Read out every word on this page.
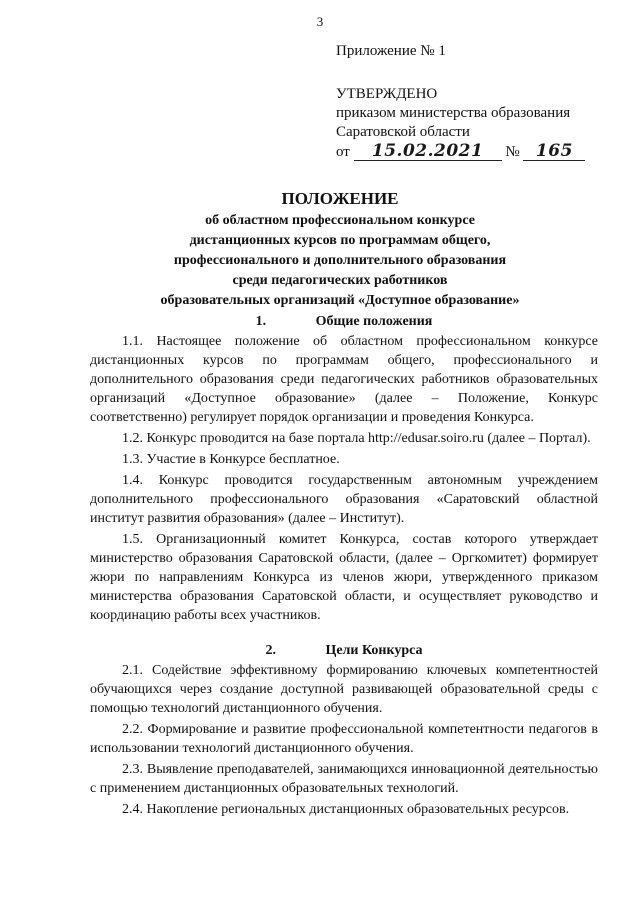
3
Приложение № 1
УТВЕРЖДЕНО
приказом министерства образования
Саратовской области
от 15.02.2021 № 165
ПОЛОЖЕНИЕ
об областном профессиональном конкурсе
дистанционных курсов по программам общего,
профессионального и дополнительного образования
среди педагогических работников
образовательных организаций «Доступное образование»
1.	Общие положения

1.1. Настоящее положение об областном профессиональном конкурсе дистанционных курсов по программам общего, профессионального и дополнительного образования среди педагогических работников образовательных организаций «Доступное образование» (далее – Положение, Конкурс соответственно) регулирует порядок организации и проведения Конкурса.

1.2. Конкурс проводится на базе портала http://edusar.soiro.ru (далее – Портал).

1.3. Участие в Конкурсе бесплатное.

1.4. Конкурс проводится государственным автономным учреждением дополнительного профессионального образования «Саратовский областной институт развития образования» (далее – Институт).

1.5. Организационный комитет Конкурса, состав которого утверждает министерство образования Саратовской области, (далее – Оргкомитет) формирует жюри по направлениям Конкурса из членов жюри, утвержденного приказом министерства образования Саратовской области, и осуществляет руководство и координацию работы всех участников.

2.	Цели Конкурса

2.1. Содействие эффективному формированию ключевых компетентностей обучающихся через создание доступной развивающей образовательной среды с помощью технологий дистанционного обучения.

2.2. Формирование и развитие профессиональной компетентности педагогов в использовании технологий дистанционного обучения.

2.3. Выявление преподавателей, занимающихся инновационной деятельностью с применением дистанционных образовательных технологий.

2.4. Накопление региональных дистанционных образовательных ресурсов.
